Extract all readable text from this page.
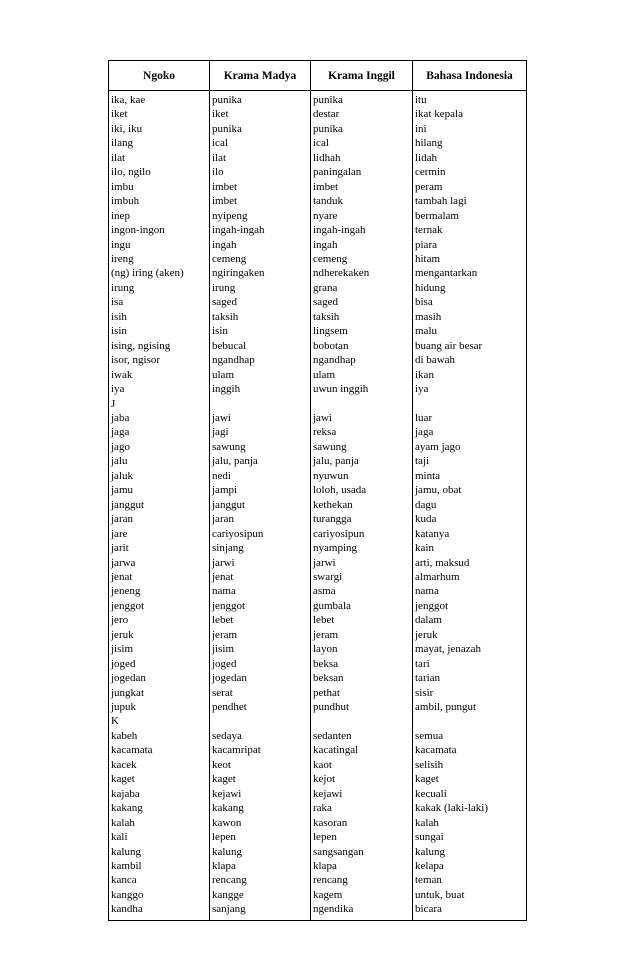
Ngoko	Krama Madya	Krama Inggil	Bahasa Indonesia
ika, kae	punika	punika	itu
iket	iket	destar	ikat kepala
iki, iku	punika	punika	ini
ilang	ical	ical	hilang
ilat	ilat	lidhah	lidah
ilo, ngilo	ilo	paningalan	cermin
imbu	imbet	imbet	peram
imbuh	imbet	tanduk	tambah lagi
inep	nyipeng	nyare	bermalam
ingon-ingon	ingah-ingah	ingah-ingah	ternak
ingu	ingah	ingah	piara
ireng	cemeng	cemeng	hitam
(ng) iring (aken)	ngiringaken	ndherekaken	mengantarkan
irung	irung	grana	hidung
isa	saged	saged	bisa
isih	taksih	taksih	masih
isin	isin	lingsem	malu
ising, ngising	bebucal	bobotan	buang air besar
isor, ngisor	ngandhap	ngandhap	di bawah
iwak	ulam	ulam	ikan
iya	inggih	uwun inggih	iya
J			
jaba	jawi	jawi	luar
jaga	jagi	reksa	jaga
jago	sawung	sawung	ayam jago
jalu	jalu, panja	jalu, panja	taji
jaluk	nedi	nyuwun	minta
jamu	jampi	loloh, usada	jamu, obat
janggut	janggut	kethekan	dagu
jaran	jaran	turangga	kuda
jare	cariyosipun	cariyosipun	katanya
jarit	sinjang	nyamping	kain
jarwa	jarwi	jarwi	arti, maksud
jenat	jenat	swargi	almarhum
jeneng	nama	asma	nama
jenggot	jenggot	gumbala	jenggot
jero	lebet	lebet	dalam
jeruk	jeram	jeram	jeruk
jisim	jisim	layon	mayat, jenazah
joged	joged	beksa	tari
jogedan	jogedan	beksan	tarian
jungkat	serat	pethat	sisir
jupuk	pendhet	pundhut	ambil, pungut
K			
kabeh	sedaya	sedanten	semua
kacamata	kacamripat	kacatingal	kacamata
kacek	keot	kaot	selisih
kaget	kaget	kejot	kaget
kajaba	kejawi	kejawi	kecuali
kakang	kakang	raka	kakak (laki-laki)
kalah	kawon	kasoran	kalah
kali	lepen	lepen	sungai
kalung	kalung	sangsangan	kalung
kambil	klapa	klapa	kelapa
kanca	rencang	rencang	teman
kanggo	kangge	kagem	untuk, buat
kandha	sanjang	ngendika	bicara
